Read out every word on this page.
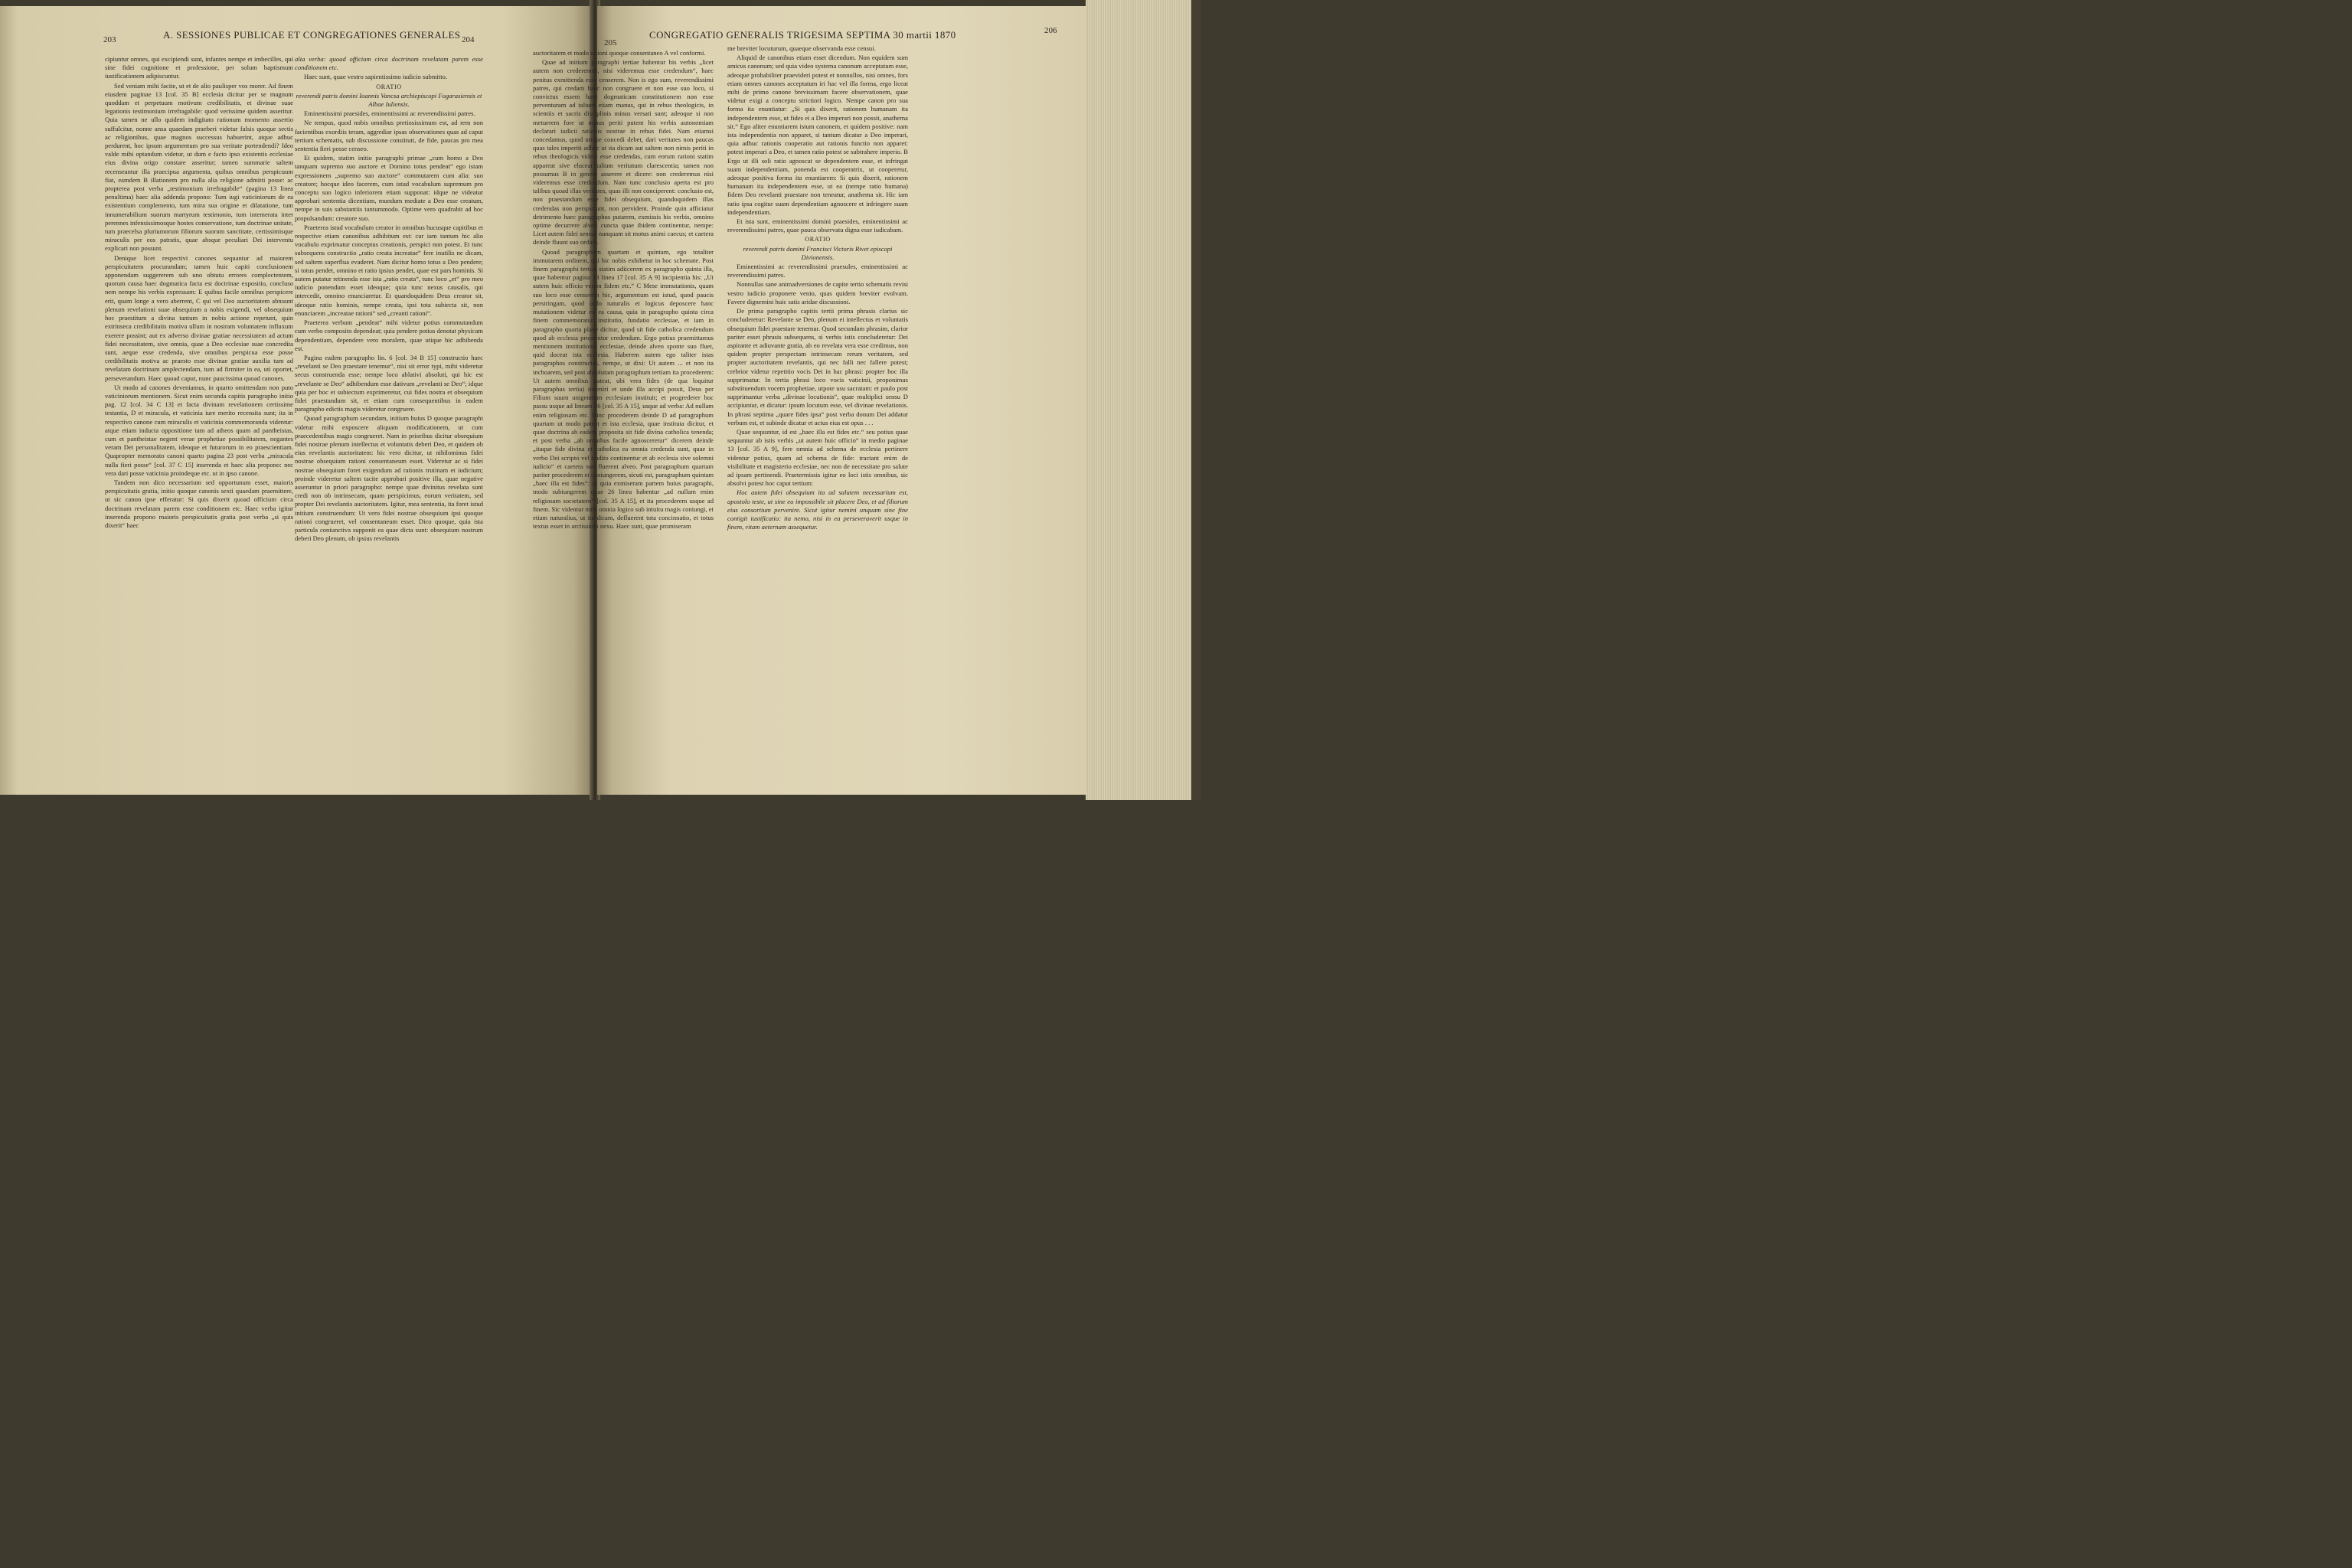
203	A. SESSIONES PUBLICAE ET CONGREGATIONES GENERALES 204

cipiuntur omnes, qui excipiendi sunt, infantes nempe et imbecilles, qui sine fidei cognitione et professione, per solum baptismum iustificationem adipiscuntur.

Sed veniam mihi facite, ut et de alio paulisper vos morer. Ad finem eiusdem paginae 13 [col. 35 B] ecclesia dicitur per se magnum quoddam et perpetuum motivum credibilitatis, et divinae suae legationis testimonium irrefragabile: quod verissime quidem asseritur. Quia tamen ne ullo quidem indigitato rationum momento assertio suffulcitur, nonne ansa quaedam praeberi videtur falsis quoque sectis ac religionibus, quae magnos successus habuerint, atque adhuc perdurent, hoc ipsum argumentum pro sua veritate portendendi? Ideo valde mihi optandum videtur, ut dum e facto ipso existentis ecclesiae eius divina origo constare asseritur; tamen summarie saltem recenseantur illa praecipua argumenta, quibus omnibus perspicuum fiat, eamdem B illationem pro nulla alia religione admitti posse: ac propterea post verba „testimonium irrefragabile“ (pagina 13 linea penultima) haec alia addenda propono: Tum iugi vaticiniorum de ea existentium complemento, tum mira sua origine et dilatatione, tum innumerabilium suorum martyrum testimonio, tum intemerata inter perennes infensissimosque hostes conservatione, tum doctrinae unitate, tum praecelsa pluriumorum filiorum suorum sanctitate, certissimisque miraculis per eos patratis, quae absque peculiari Dei interventu explicari non possunt.

Denique licet respectivi canones sequantur ad maiorem perspicuitatem procurandam; tamen huic capiti conclusionem apponendam suggererem sub uno obtutu errores complectentem, quorum causa haec dogmatica facta est doctrinae expositio, concluso nem nempe his verbis expressam: E quibus facile omnibus perspicere erit, quam longe a vero aberrent, C qui vel Deo auctoritatem abnuunt plenum revelationi suae obsequium a nobis exigendi, vel obsequium hoc praestitum a divina tantum in nobis actione repetunt, quin extrinseca credibilitatis motiva ullum in nostram voluntatem influxum exerere possint; aut ex adverso divinae gratiae necessitatem ad actum fidei necessitatem, sive omnia, quae a Deo ecclesiae suae concredita sunt, aeque esse credenda, sive omnibus perspicua esse posse credibilitatis motiva ac praesto esse divinae gratiae auxilia tum ad revelatam doctrinam amplectendam, tum ad firmiter in ea, uti oportet, perseverandum. Haec quoad caput, nunc paucissima quoad canones.

Ut modo ad canones deveniamus, in quarto omittendam non puto vaticiniorum mentionem. Sicut enim secunda capitis paragrapho initio pag. 12 [col. 34 C 13] et facta divinam revelationem certissime testantia, D et miracula, et vaticinia iure merito recensita sunt; ita in respectivo canone cum miraculis et vaticinia commemoranda videntur: atque etiam inducta oppositione tam ad atheos quam ad pantheistas, cum et pantheistae negent verae prophetiae possibilitatem, negantes veram Dei personalitatem, ideoque et futurorum in eo praescientiam. Quapropter memorato canoni quarto pagina 23 post verba „miracula nulla fieri posse“ [col. 37 C 15] inserenda et haec alia propono: nec vera dari posse vaticinia proindeque etc. ut in ipso canone.

Tandem non dico necessarium sed opportunum esset, maioris perspicuitatis gratia, initio quoque canonis sexti quaedam praemittere, ut sic canon ipse efferatur: Si quis dixerit quoad officium circa doctrinam revelatam parem esse conditionem etc. Haec verba igitur inserenda propono maioris perspicuitatis gratia post verba „si quis dixerit“ haec

alia verba: quoad officium circa doctrinam revelatam parem esse conditionem etc.

Haec sunt, quae vestro sapientissimo iudicio submitto.

ORATIO

reverendi patris domini Ioannis Vancsa archiepiscopi Fogarasiensis et Albae Iuliensis.

Eminentissimi praesides, eminentissimi ac reverendissimi patres.

Ne tempus, quod nobis omnibus pretiosissimum est, ad rem non facientibus exordiis teram, aggrediar ipsas observationes quas ad caput tertium schematis, sub discussione constituti, de fide, paucas pro mea sententia fieri posse censeo.

Et quidem, statim initio paragraphi primae „cum homo a Deo tanquam supremo suo auctore et Domino totus pendeat“ ego istam expressionem „supremo suo auctore“ commutarem cum alia: suo creatore; hocque ideo facerem, cum istud vocabulum supremum pro conceptu suo logico inferiorem etiam supponat: idque ne videatur approbari sententia dicentium, mundum mediate a Deo esse creatum, nempe in suis substantiis tantummodo. Optime vero quadrabit ad hoc propulsandum: creatore suo.

Praeterea istud vocabulum creator in omnibus hucusque capitibus et respective etiam canonibus adhibitum est: cur iam tantum hic alio vocabulo exprimatur conceptus creationis, perspici non potest. Et tunc subsequens constructio „ratio creata increatae“ fere inutilis ne dicam, sed saltem superflua evaderet. Nam dicitur homo totus a Deo pendere; si totus pendet, omnino et ratio ipsius pendet, quae est pars hominis. Si autem putatur retinenda esse ista „ratio creata“, tunc loco „et“ pro meo iudicio ponendum esset ideoque; quia tunc nexus causalis, qui intercedit, omnino enunciaretur. Et quandoquidem Deus creator sit, ideoque ratio hominis, nempe creata, ipsi tota subiecta sit, non enunciarem „increatae rationi“ sed „creanti rationi“.

Praeterea verbum „pendeat“ mihi videtur potius commutandum cum verbo composito dependeat; quia pendere potius denotat physicam dependentiam, dependere vero moralem, quae utique hic adhibenda est.

Pagina eadem paragrapho lin. 6 [col. 34 B 15] constructio haec „revelanti se Deo praestare tenemur“, nisi sit error typi, mihi videretur secus construenda esse; nempe loco ablativi absoluti, qui hic est „revelante se Deo“ adhibendum esse dativum „revelanti se Deo“; idque quia per hoc et subiectum exprimeretur, cui fides nostra et obsequium fidei praestandum sit, et etiam cum consequentibus in eadem paragrapho edictis magis videretur congruere.

Quoad paragraphum secundam, initium huius D quoque paragraphi videtur mihi exposcere aliquam modificationem, ut cum praecedentibus magis congrueret. Nam in prioribus dicitur obsequium fidei nostrae plenum intellectus et voluntatis deberi Deo, et quidem ob eius revelantis auctoritatem: hic vero dicitur, ut nihilominus fidei nostrae obsequium rationi consentaneum esset. Videretur ac si fidei nostrae obsequium foret exigendum ad rationis trutinam et iudicium; proinde videretur saltem tacite approbari positive illa, quae negative asseruntur in priori paragrapho: nempe quae divinitus revelata sunt credi non ob intrinsecam, quam perspicimus, eorum veritatem, sed propter Dei revelantis auctoritatem. Igitur, mea sententia, ita foret istud initium construendum: Ut vero fidei nostrae obsequium ipsi quoque rationi congrueret, vel consentaneum esset. Dico quoque, quia ista particula coniunctiva supponit ea quae dicta sunt: obsequium nostrum deberi Deo plenum, ob ipsius revelantis

205
CONGREGATIO GENERALIS TRIGESIMA SEPTIMA 30 martii 1870	206

auctoritatem et modo rationi quoque consentaneo A vel conformi.

Quae ad initium paragraphi tertiae habentur his verbis „licet autem non crederemus, nisi videremus esse credendum“, haec penitus exmittenda esse censerem. Non is ego sum, reverendissimi patres, qui credam haec non congruere et non esse suo loco, si convictus essem hanc dogmaticam constitutionem non esse perventuram ad talium etiam manus, qui in rebus theologicis, in scientiis et sacris disciplinis minus versati sunt; adeoque si non metuerem fore ut minus periti putent his verbis autonomiam declarari iudicii rationis nostrae in rebus fidei. Nam etiamsi concedamus, quod utique concedi debet, dari veritates non paucas quas tales imperiti adhuc ut ita dicam aut saltem non nimis periti in rebus theologicis vident esse credendas, cum eorum rationi statim appareat sive eluceat talium veritatum clarescentia; tamen non possumus B in genere asserere et dicere: non crederemus nisi videremus esse credendum. Nam tunc conclusio aperta est pro talibus quoad illas veritates, quas illi non conciperent: conclusio est, non praestandum esse fidei obsequium, quandoquidem illas credendas non perspiciunt, non pervident. Proinde quin afficiatur detrimento haec paragraphus putarem, exmissis his verbis, omnino optime decurrere alveo cuncta quae ibidem continentur, nempe: Licet autem fidei sensus nunquam sit motus animi caecus; et caetera deinde fluunt suo ordine.

Quoad paragraphum quartam et quintam, ego totaliter immutarem ordinem, qui hic nobis exhibetur in hoc schemate. Post finem paragraphi tertiae statim adiicerem ex paragrapho quinta illa, quae habentur pagina 13 linea 17 [col. 35 A 9] incipientia his: „Ut autem huic officio veram fidem etc.“ C Mese immutationis, quam suo loco esse censerem hic, argumentum est istud, quod paucis perstringam, quod ordo naturalis et logicus deposcere hanc mutationem videtur ex ea causa, quia in paragrapho quinta circa finem commemoratur institutio, fundatio ecclesiae, et iam in paragrapho quarta plane dicitur, quod sit fide catholica credendum quod ab ecclesia proponitur credendum. Ergo potius praemittamus mentionem institutionis ecclesiae, deinde alveo sponte suo fluet, quid doceat ista ecclesia. Haberem autem ego taliter istas paragraphos constructas, nempe, ut dixi: Ut autem ... et non ita inchoarem, sed post absolutam paragraphum tertiam ita procederem: Ut autem omnibus pateat, ubi vera fides (de qua loquitur paragraphus tertia) inveniri et unde illa accipi possit, Deus per Filium suum unigenitum ecclesiam instituit; et progrederer hoc passu usque ad lineam 26 [col. 35 A 15], usque ad verba: Ad nullam enim religiosam etc. Hinc procederem deinde D ad paragraphum quartam ut modo pateat et ista ecclesia, quae instituta dicitur, et quae doctrina ab eadem proposita sit fide divina catholica tenenda; et post verba „ab omnibus facile agnosceretur“ dicerem deinde „itaque fide divina et catholica ea omnia credenda sunt, quae in verbo Dei scripto vel tradito continentur et ab ecclesia sive solemni iudicio“ et caetera suo fluerent alveo. Post paragraphum quartam pariter procederem et coniungerem, sicuti est, paragraphum quintam „haec illa est fides“: et quia exmiseram partem huius paragraphi, modo subiungerem quae 26 linea habentur „ad nullam enim religiosam societatem“ [col. 35 A 15], et ita procederem usque ad finem. Sic videntur mihi omnia logico sub intuitu magis coniungi, et etiam naturalius, ut ita dicam, defluerent tota concinnatio, et totus textus esset in arctissimo nexu. Haec sunt, quae promiseram

me breviter locuturum, quaeque observanda esse censui.

Aliquid de canonibus etiam esset dicendum. Non equidem sum amicus canonum; sed quia video systema canonum acceptatum esse, adeoque probabiliter praevideri potest et nonnullos, nisi omnes, fors etiam omnes canones acceptatum iri hac vel illa forma, ergo liceat mihi de primo canone brevissimam facere observationem, quae videtur exigi a conceptu strictiori logico. Nempe canon pro sua forma ita enuntiatur: „Si quis dixerit, rationem humanam ita independentem esse, ut fides ei a Deo imperari non possit, anathema sit.“ Ego aliter enuntiarem istum canonem, et quidem positive: nam ista independentia non apparet, si tantum dicatur a Deo imperari, quia adhuc rationis cooperatio aut rationis functio non apparet: potest imperari a Deo, et tamen ratio potest se subtrahere imperio. B Ergo ut illi soli ratio agnoscat se dependentem esse, et infringat suam independentiam, ponenda est cooperatrix, ut cooperetur, adeoque positiva forma ita enuntiarem: Si quis dixerit, rationem humanam ita independentem esse, ut ea (nempe ratio humana) fidem Deo revelanti praestare non teneatur, anathema sit. Hic iam ratio ipsa cogitur suam dependentiam agnoscere et infringere suam independentiam.

Et ista sunt, eminentissimi domini praesides, eminentissimi ac reverendissimi patres, quae pauca observatu digna esse iudicabam.

ORATIO

reverendi patris domini Francisci Victoris Rivet episcopi Divionensis.

Eminentissimi ac reverendissimi praesules, eminentissimi ac reverendissimi patres.

Nonnullas sane animadversiones de capite tertio schematis revisi vestro iudicio proponere venio, quas quidem breviter evolvam. Favere dignemini huic satis aridae discussioni.

De prima paragrapho capitis tertii prima phrasis clarius sic concluderetur: Revelante se Deo, plenum ei intellectus et voluntatis obsequium fidei praestare tenemur. Quod secundam phrasim, clarior pariter esset phrasis subsequens, si verbis istis concluderetur: Dei aspirante et adiuvante gratia, ab eo revelata vera esse credimus, non quidem propter perspectam intrinsecam rerum veritatem, sed propter auctoritatem revelantis, qui nec falli nec fallere potest; crebrior videtur repetitio vocis Dei in hac phrasi: propter hoc illa supprimatur. In tertia phrasi loco vocis vaticinii, proponimus substituendum vocem prophetiae, utpote usu sacratam: et paulo post supprimantur verba „divinae locutionis“, quae multiplici sensu D accipiuntur, et dicatur: ipsum locutum esse, vel divinae revelationis. In phrasi septima „quare fides ipsa“ post verba donum Dei addatur verbum est, et subinde dicatur et actus eius est opus . . .

Quae sequuntur, id est „haec illa est fides etc.“ seu potius quae sequuntur ab istis verbis „ut autem huic officio“ in medio paginae 13 [col. 35 A 9], fere omnia ad schema de ecclesia pertinere videntur potius, quam ad schema de fide: tractant enim de visibilitate et magisterio ecclesiae, nec non de necessitate pro salute ad ipsam pertinendi. Praetermissis igitur eo loci istis omnibus, sic absolvi potest hoc caput tertium:

Hoc autem fidei obsequium ita ad salutem necessarium est, apostolo teste, ut sine eo impossibile sit placere Deo, et ad filiorum eius consortium pervenire. Sicut igitur nemini unquam sine fine contigit iustificatio: ita nemo, nisi in ea perseveraverit usque in finem, vitam aeternam assequetur.
